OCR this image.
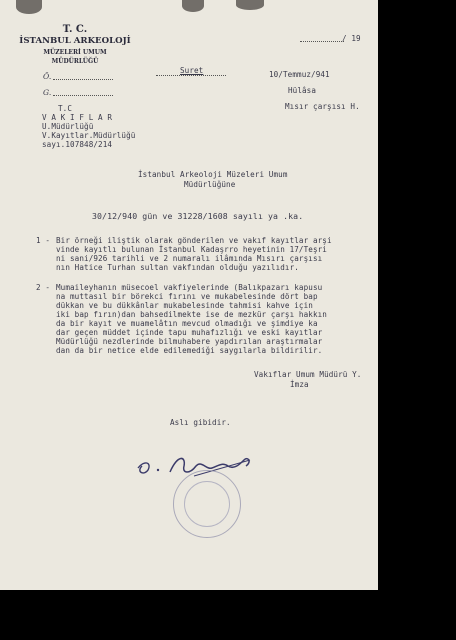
T. C.
İSTANBUL ARKEOLOJİ
MÜZELERİ UMUM
MÜDÜRLÜĞÜ
Ö.
G.
/ 19
Suret	10/Temmuz/941
Hülâsa
Mısır çarşısı H.
T.C
V A K I F L A R
U.Müdürlüğü
V.Kayıtlar.Müdürlüğü
sayı.107848/214
İstanbul Arkeoloji Müzeleri Umum
Müdürlüğüne
30/12/940 gün ve 31228/1608 sayılı ya .ka.
1 - Bir örneği iliştik olarak gönderilen ve vakıf kayıtlar arşi
vinde kayıtlı bulunan İstanbul Kadaşrro heyetinin 17/Teşri
ni sani/926 tarihli ve 2 numaralı ilâmında Mısırı çarşısı
nın Hatice Turhan sultan vakfından olduğu yazılıdır.
2 - Mumaileyhanın müsecoel vakfiyelerinde (Balıkpazarı kapusu
na muttasıl bir börekci fırını ve mukabelesinde dört bap
dükkan ve bu dükkânlar mukabelesinde tahmisi kahve için
iki bap fırın)dan bahsedilmekte ise de mezkür çarşı hakkın
da bir kayıt ve muamelâtın mevcud olmadığı ve şimdiye ka
dar geçen müddet içinde tapu muhafızlığı ve eski kayıtlar
Müdürlüğü nezdlerinde bilmuhabere yapdırılan araştırmalar
dan da bir netice elde edilemediği saygılarla bildirilir.
Vakıflar Umum Müdürü Y.
İmza
Aslı gibidir.
